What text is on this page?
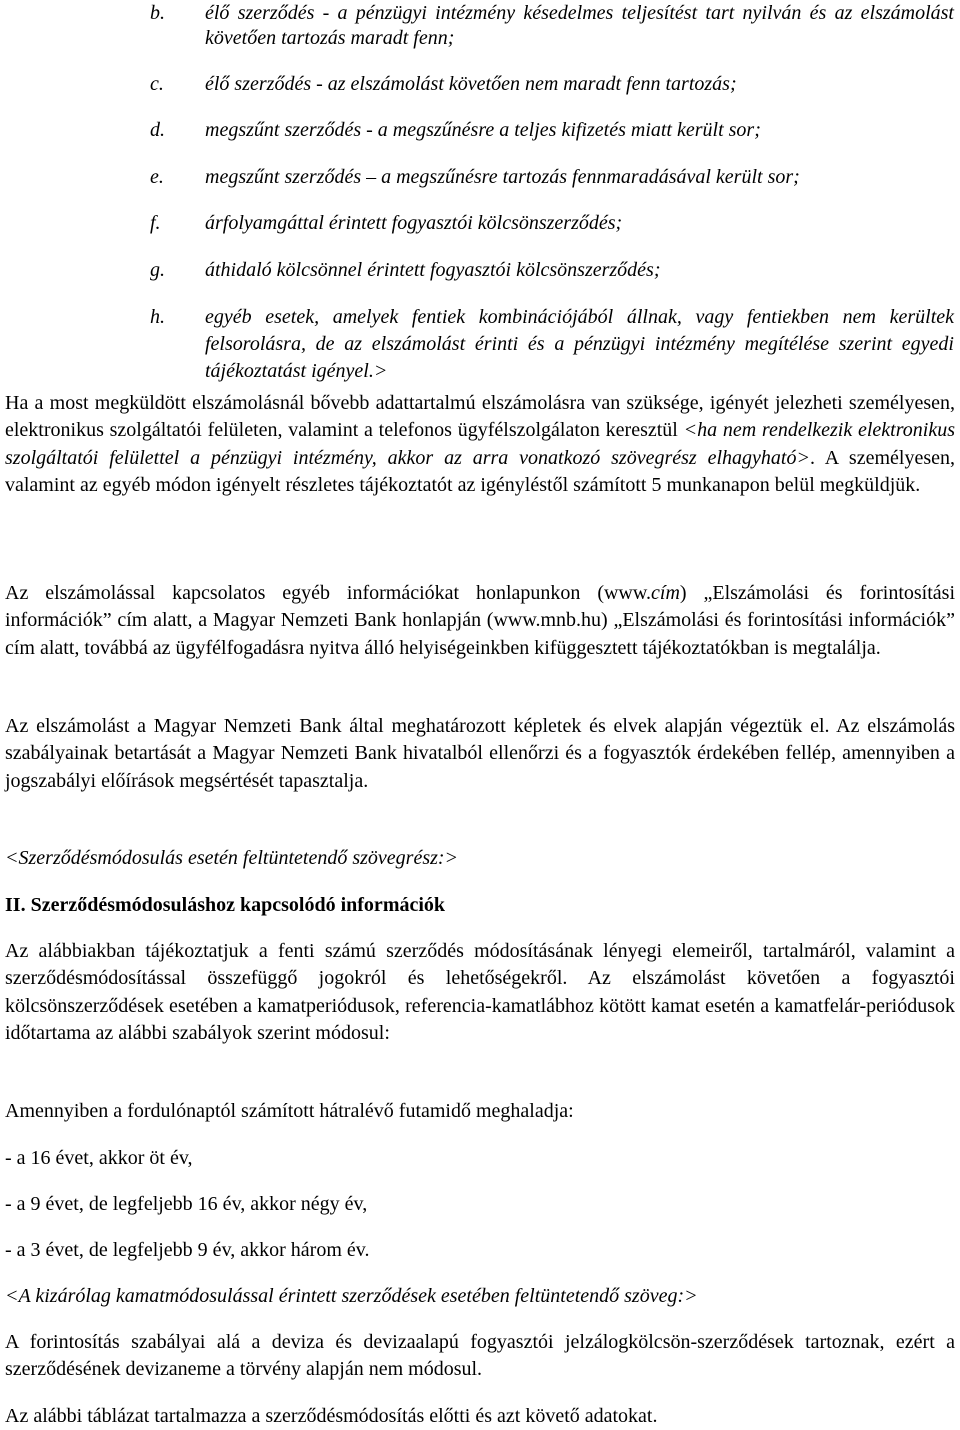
b.	élő szerződés - a pénzügyi intézmény késedelmes teljesítést tart nyilván és az elszámolást követően tartozás maradt fenn;
c.	élő szerződés - az elszámolást követően nem maradt fenn tartozás;
d.	megszűnt szerződés - a megszűnésre a teljes kifizetés miatt került sor;
e.	megszűnt szerződés – a megszűnésre tartozás fennmaradásával került sor;
f.	árfolyamgáttal érintett fogyasztói kölcsönszerződés;
g.	áthidaló kölcsönnel érintett fogyasztói kölcsönszerződés;
h.	egyéb esetek, amelyek fentiek kombinációjából állnak, vagy fentiekben nem kerültek felsorolásra, de az elszámolást érinti és a pénzügyi intézmény megítélése szerint egyedi tájékoztatást igényel.>

Ha a most megküldött elszámolásnál bővebb adattartalmú elszámolásra van szüksége, igényét jelezheti személyesen, elektronikus szolgáltatói felületen, valamint a telefonos ügyfélszolgálaton keresztül <ha nem rendelkezik elektronikus szolgáltatói felülettel a pénzügyi intézmény, akkor az arra vonatkozó szövegrész elhagyható>. A személyesen, valamint az egyéb módon igényelt részletes tájékoztatót az igényléstől számított 5 munkanapon belül megküldjük.

Az elszámolással kapcsolatos egyéb információkat honlapunkon (www.cím) „Elszámolási és forintosítási információk” cím alatt, a Magyar Nemzeti Bank honlapján (www.mnb.hu) „Elszámolási és forintosítási információk” cím alatt, továbbá az ügyfélfogadásra nyitva álló helyiségeinkben kifüggesztett tájékoztatókban is megtalálja.

Az elszámolást a Magyar Nemzeti Bank által meghatározott képletek és elvek alapján végeztük el. Az elszámolás szabályainak betartását a Magyar Nemzeti Bank hivatalból ellenőrzi és a fogyasztók érdekében fellép, amennyiben a jogszabályi előírások megsértését tapasztalja.

<Szerződésmódosulás esetén feltüntetendő szövegrész:>

II. Szerződésmódosuláshoz kapcsolódó információk

Az alábbiakban tájékoztatjuk a fenti számú szerződés módosításának lényegi elemeiről, tartalmáról, valamint a szerződésmódosítással összefüggő jogokról és lehetőségekről. Az elszámolást követően a fogyasztói kölcsönszerződések esetében a kamatperiódusok, referencia-kamatlábhoz kötött kamat esetén a kamatfelár-periódusok időtartama az alábbi szabályok szerint módosul:

Amennyiben a fordulónaptól számított hátralévő futamidő meghaladja:

- a 16 évet, akkor öt év,

- a 9 évet, de legfeljebb 16 év, akkor négy év,

- a 3 évet, de legfeljebb 9 év, akkor három év.

<A kizárólag kamatmódosulással érintett szerződések esetében feltüntetendő szöveg:>

A forintosítás szabályai alá a deviza és devizaalapú fogyasztói jelzálogkölcsön-szerződések tartoznak, ezért a szerződésének devizaneme a törvény alapján nem módosul.

Az alábbi táblázat tartalmazza a szerződésmódosítás előtti és azt követő adatokat.
